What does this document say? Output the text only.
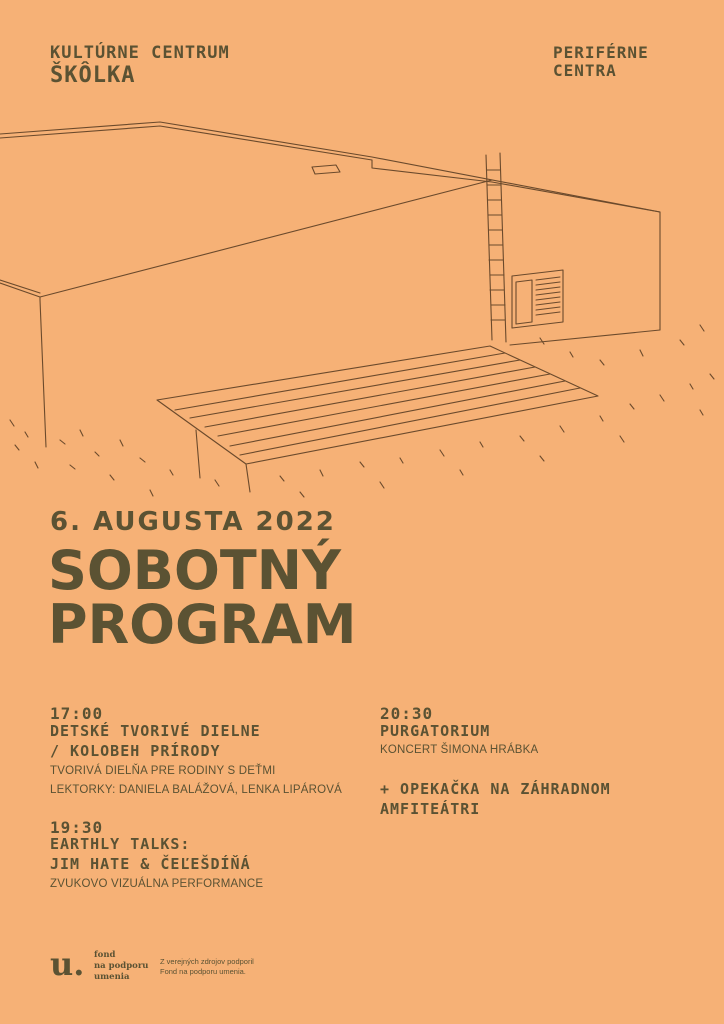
KULTÚRNE CENTRUM
ŠKÔLKA
PERIFÉRNE
CENTRA
6. AUGUSTA 2022
SOBOTNÝ
PROGRAM
17:00
DETSKÉ TVORIVÉ DIELNE
/ KOLOBEH PRÍRODY
TVORIVÁ DIELŇA PRE RODINY S DEŤMI
LEKTORKY: DANIELA BALÁŽOVÁ, LENKA LIPÁROVÁ
19:30
EARTHLY TALKS:
JIM HATE & ČEĽEŠDÍŇÁ
ZVUKOVO VIZUÁLNA PERFORMANCE
20:30
PURGATORIUM
KONCERT ŠIMONA HRÁBKA
+ OPEKAČKA NA ZÁHRADNOM
AMFITEÁTRI
u. fond
na podporu
umenia
Z verejných zdrojov podporil
Fond na podporu umenia.
